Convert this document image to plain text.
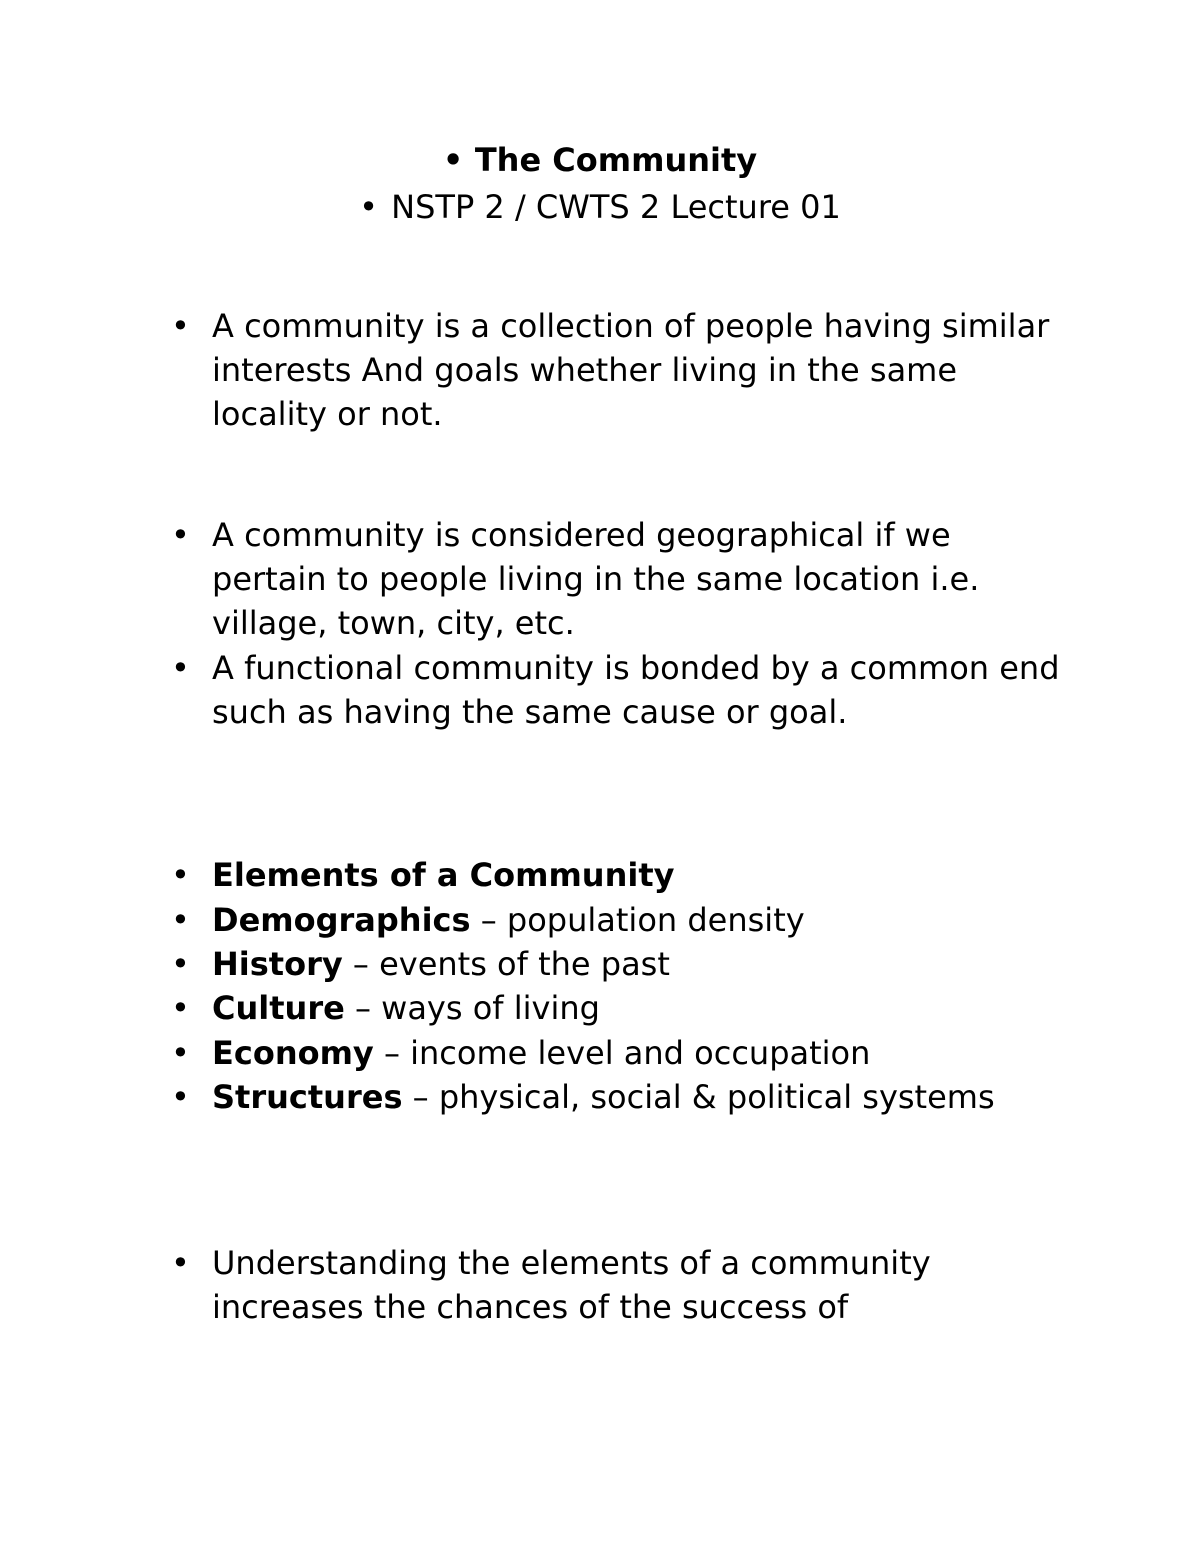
• The Community
• NSTP 2 / CWTS 2 Lecture 01
• A community is a collection of people having similar interests And goals whether living in the same locality or not.
• A community is considered geographical if we pertain to people living in the same location i.e. village, town, city, etc.
• A functional community is bonded by a common end such as having the same cause or goal.
• Elements of a Community
• Demographics – population density
• History – events of the past
• Culture – ways of living
• Economy – income level and occupation
• Structures – physical, social & political systems
• Understanding the elements of a community increases the chances of the success of
